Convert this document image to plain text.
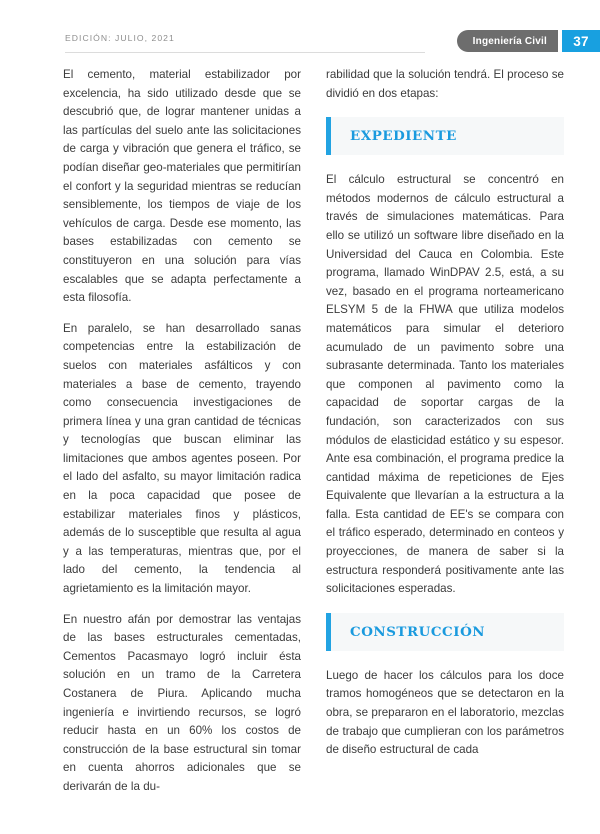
EDICIÓN: JULIO, 2021	Ingeniería Civil	37

El cemento, material estabilizador por excelencia, ha sido utilizado desde que se descubrió que, de lograr mantener unidas a las partículas del suelo ante las solicitaciones de carga y vibración que genera el tráfico, se podían diseñar geo-materiales que permitirían el confort y la seguridad mientras se reducían sensiblemente, los tiempos de viaje de los vehículos de carga. Desde ese momento, las bases estabilizadas con cemento se constituyeron en una solución para vías escalables que se adapta perfectamente a esta filosofía.

En paralelo, se han desarrollado sanas competencias entre la estabilización de suelos con materiales asfálticos y con materiales a base de cemento, trayendo como consecuencia investigaciones de primera línea y una gran cantidad de técnicas y tecnologías que buscan eliminar las limitaciones que ambos agentes poseen. Por el lado del asfalto, su mayor limitación radica en la poca capacidad que posee de estabilizar materiales finos y plásticos, además de lo susceptible que resulta al agua y a las temperaturas, mientras que, por el lado del cemento, la tendencia al agrietamiento es la limitación mayor.

En nuestro afán por demostrar las ventajas de las bases estructurales cementadas, Cementos Pacasmayo logró incluir ésta solución en un tramo de la Carretera Costanera de Piura. Aplicando mucha ingeniería e invirtiendo recursos, se logró reducir hasta en un 60% los costos de construcción de la base estructural sin tomar en cuenta ahorros adicionales que se derivarán de la du-

rabilidad que la solución tendrá. El proceso se dividió en dos etapas:

EXPEDIENTE

El cálculo estructural se concentró en métodos modernos de cálculo estructural a través de simulaciones matemáticas. Para ello se utilizó un software libre diseñado en la Universidad del Cauca en Colombia. Este programa, llamado WinDPAV 2.5, está, a su vez, basado en el programa norteamericano ELSYM 5 de la FHWA que utiliza modelos matemáticos para simular el deterioro acumulado de un pavimento sobre una subrasante determinada. Tanto los materiales que componen al pavimento como la capacidad de soportar cargas de la fundación, son caracterizados con sus módulos de elasticidad estático y su espesor. Ante esa combinación, el programa predice la cantidad máxima de repeticiones de Ejes Equivalente que llevarían a la estructura a la falla. Esta cantidad de EE's se compara con el tráfico esperado, determinado en conteos y proyecciones, de manera de saber si la estructura responderá positivamente ante las solicitaciones esperadas.

CONSTRUCCIÓN

Luego de hacer los cálculos para los doce tramos homogéneos que se detectaron en la obra, se prepararon en el laboratorio, mezclas de trabajo que cumplieran con los parámetros de diseño estructural de cada
